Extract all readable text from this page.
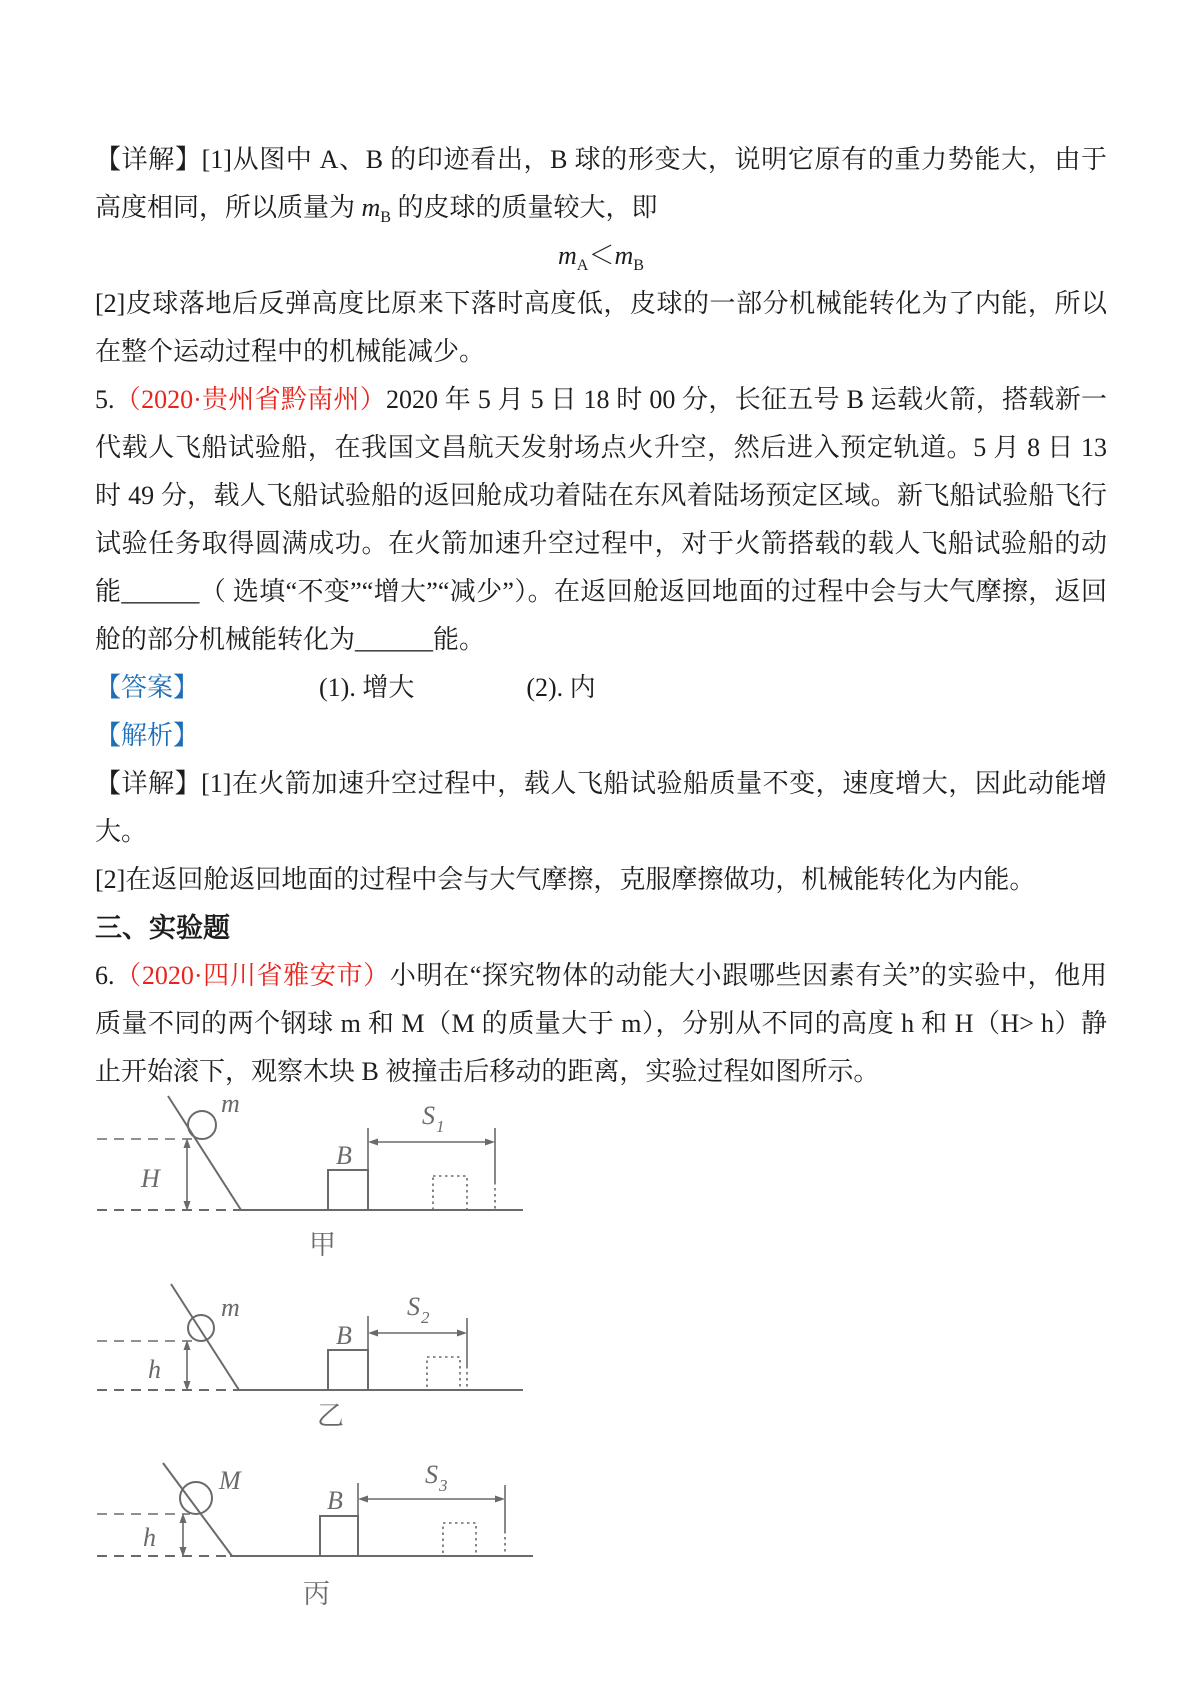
【详解】[1]从图中 A、B 的印迹看出，B 球的形变大，说明它原有的重力势能大，由于高度相同，所以质量为 $m_B$ 的皮球的质量较大，即

$m_A<m_B$

[2]皮球落地后反弹高度比原来下落时高度低，皮球的一部分机械能转化为了内能，所以在整个运动过程中的机械能减少。

5.（2020·贵州省黔南州）2020 年 5 月 5 日 18 时 00 分，长征五号 B 运载火箭，搭载新一代载人飞船试验船，在我国文昌航天发射场点火升空，然后进入预定轨道。5 月 8 日 13 时 49 分，载人飞船试验船的返回舱成功着陆在东风着陆场预定区域。新飞船试验船飞行试验任务取得圆满成功。在火箭加速升空过程中，对于火箭搭载的载人飞船试验船的动能______（ 选填“不变”“增大”“减少”）。在返回舱返回地面的过程中会与大气摩擦，返回舱的部分机械能转化为______能。

【答案】	(1). 增大	(2). 内

【解析】

【详解】[1]在火箭加速升空过程中，载人飞船试验船质量不变，速度增大，因此动能增大。

[2]在返回舱返回地面的过程中会与大气摩擦，克服摩擦做功，机械能转化为内能。

三、实验题

6.（2020·四川省雅安市）小明在“探究物体的动能大小跟哪些因素有关”的实验中，他用质量不同的两个钢球 m 和 M（M 的质量大于 m），分别从不同的高度 h 和 H（H> h）静止开始滚下，观察木块 B 被撞击后移动的距离，实验过程如图所示。

m
H
B
S 1
甲
m
h
B
S 2
乙
M
h
B
S 3
丙
